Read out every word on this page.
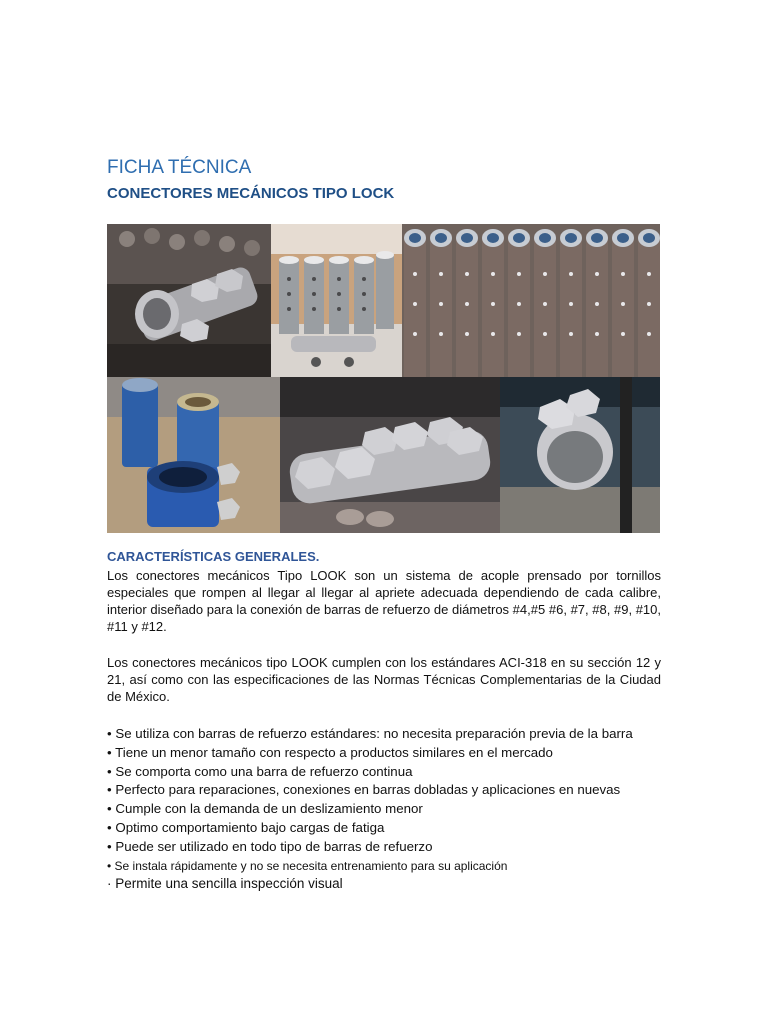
FICHA TÉCNICA
CONECTORES MECÁNICOS TIPO LOCK
CARACTERÍSTICAS GENERALES.
Los conectores mecánicos Tipo LOOK son un sistema de acople prensado por tornillos especiales que rompen al llegar al llegar al apriete adecuada dependiendo de cada calibre, interior diseñado para la conexión de barras de refuerzo de diámetros #4,#5 #6, #7, #8, #9, #10, #11 y #12.
Los conectores mecánicos tipo LOOK cumplen con los estándares ACI-318 en su sección 12 y 21, así como con las especificaciones de las Normas Técnicas Complementarias de la Ciudad de México.
• Se utiliza con barras de refuerzo estándares: no necesita preparación previa de la barra
• Tiene un menor tamaño con respecto a productos similares en el mercado
• Se comporta como una barra de refuerzo continua
• Perfecto para reparaciones, conexiones en barras dobladas y aplicaciones en nuevas
• Cumple con la demanda de un deslizamiento menor
• Optimo comportamiento bajo cargas de fatiga
• Puede ser utilizado en todo tipo de barras de refuerzo
• Se instala rápidamente y no se necesita entrenamiento para su aplicación
· Permite una sencilla inspección visual
